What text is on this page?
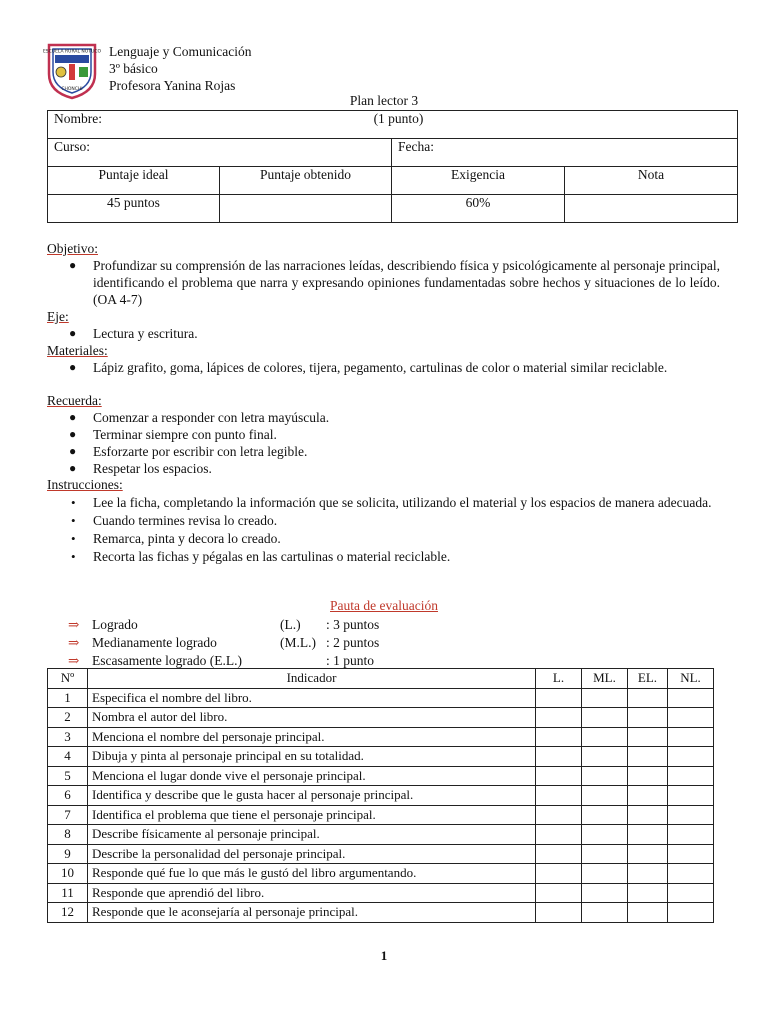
ESCUELA RURAL NOTUCO
CHONCHI
Lenguaje y Comunicación
3º básico
Profesora Yanina Rojas
Plan lector 3
Nombre:		(1 punto)	
Curso:		Fecha:	
Puntaje ideal	Puntaje obtenido	Exigencia	Nota
45 puntos		60%	
Objetivo:
● Profundizar su comprensión de las narraciones leídas, describiendo física y psicológicamente al personaje principal, identificando el problema que narra y expresando opiniones fundamentadas sobre hechos y situaciones de lo leído. (OA 4-7)
Eje:
● Lectura y escritura.
Materiales:
● Lápiz grafito, goma, lápices de colores, tijera, pegamento, cartulinas de color o material similar reciclable.
Recuerda:
● Comenzar a responder con letra mayúscula.
● Terminar siempre con punto final.
● Esforzarte por escribir con letra legible.
● Respetar los espacios.
Instrucciones:
• Lee la ficha, completando la información que se solicita, utilizando el material y los espacios de manera adecuada.
• Cuando termines revisa lo creado.
• Remarca, pinta y decora lo creado.
• Recorta las fichas y pégalas en las cartulinas o material reciclable.
Pauta de evaluación
⇒ Logrado	(L.) : 3 puntos
⇒ Medianamente logrado	(M.L.) : 2 puntos
⇒ Escasamente logrado (E.L.)	: 1 punto
Nº	Indicador	L.	ML.	EL.	NL.
1	Especifica el nombre del libro.				
2	Nombra el autor del libro.				
3	Menciona el nombre del personaje principal.				
4	Dibuja y pinta al personaje principal en su totalidad.				
5	Menciona el lugar donde vive el personaje principal.				
6	Identifica y describe que le gusta hacer al personaje principal.				
7	Identifica el problema que tiene el personaje principal.				
8	Describe físicamente al personaje principal.				
9	Describe la personalidad del personaje principal.				
10	Responde qué fue lo que más le gustó del libro argumentando.				
11	Responde que aprendió del libro.				
12	Responde que le aconsejaría al personaje principal.				
1
